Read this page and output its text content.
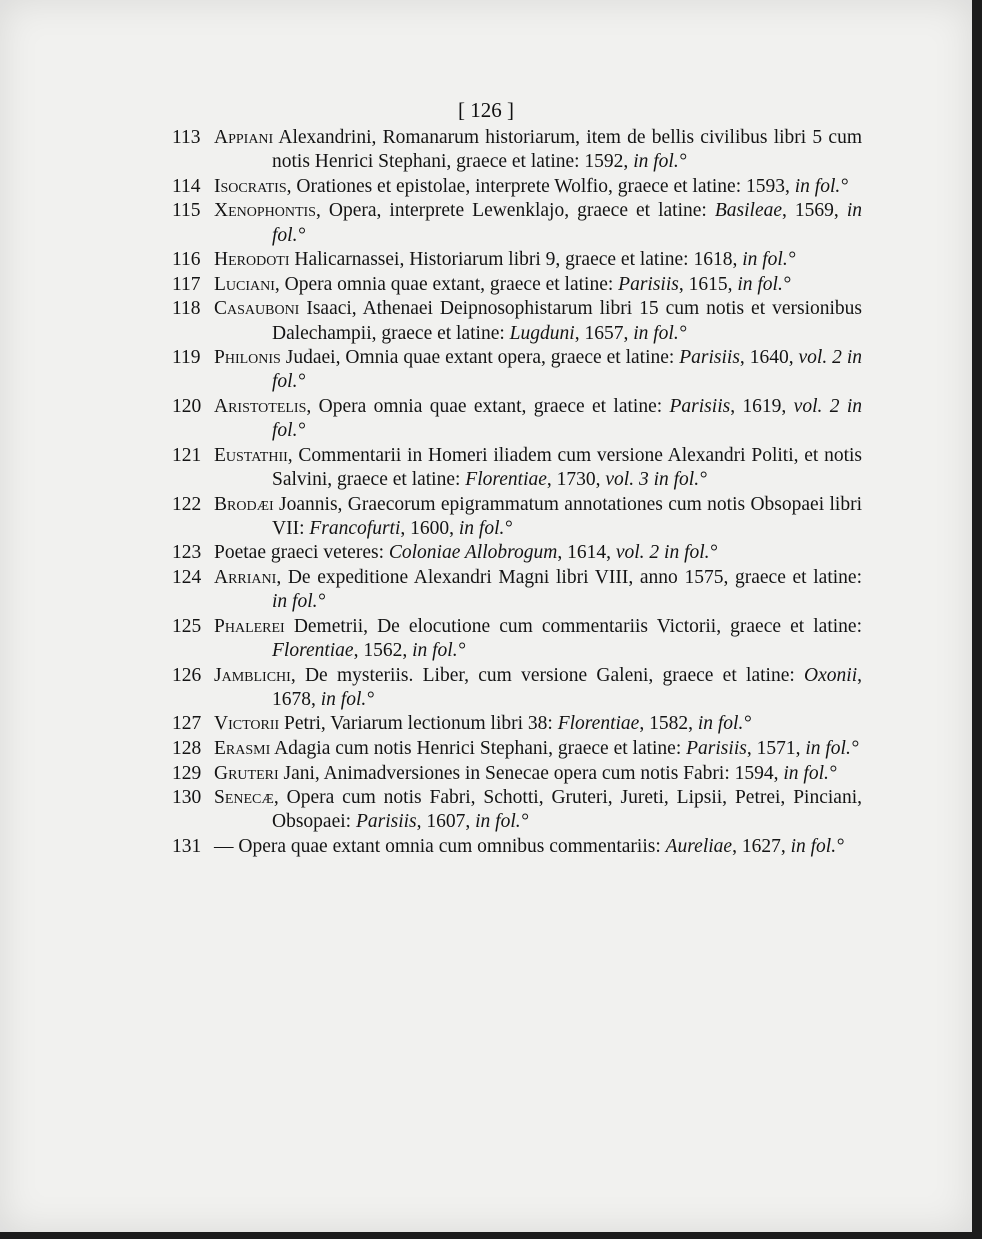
[ 126 ]
113 Appiani Alexandrini, Romanarum historiarum, item de bellis civilibus libri 5 cum notis Henrici Stephani, graece et latine: 1592, in fol.°
114 Isocratis, Orationes et epistolae, interprete Wolfio, graece et latine: 1593, in fol.°
115 Xenophontis, Opera, interprete Lewenklajo, graece et latine: Basileae, 1569, in fol.°
116 Herodoti Halicarnassei, Historiarum libri 9, graece et latine: 1618, in fol.°
117 Luciani, Opera omnia quae extant, graece et latine: Parisiis, 1615, in fol.°
118 Casauboni Isaaci, Athenaei Deipnosophistarum libri 15 cum notis et versionibus Dalechampii, graece et latine: Lugduni, 1657, in fol.°
119 Philonis Judaei, Omnia quae extant opera, graece et latine: Parisiis, 1640, vol. 2 in fol.°
120 Aristotelis, Opera omnia quae extant, graece et latine: Parisiis, 1619, vol. 2 in fol.°
121 Eustathii, Commentarii in Homeri iliadem cum versione Alexandri Politi, et notis Salvini, graece et latine: Florentiae, 1730, vol. 3 in fol.°
122 Brodæi Joannis, Graecorum epigrammatum annotationes cum notis Obsopaei libri VII: Francofurti, 1600, in fol.°
123 Poetae graeci veteres: Coloniae Allobrogum, 1614, vol. 2 in fol.°
124 Arriani, De expeditione Alexandri Magni libri VIII, anno 1575, graece et latine: in fol.°
125 Phalerei Demetrii, De elocutione cum commentariis Victorii, graece et latine: Florentiae, 1562, in fol.°
126 Jamblichi, De mysteriis. Liber, cum versione Galeni, graece et latine: Oxonii, 1678, in fol.°
127 Victorii Petri, Variarum lectionum libri 38: Florentiae, 1582, in fol.°
128 Erasmi Adagia cum notis Henrici Stephani, graece et latine: Parisiis, 1571, in fol.°
129 Gruteri Jani, Animadversiones in Senecae opera cum notis Fabri: 1594, in fol.°
130 Senecæ, Opera cum notis Fabri, Schotti, Gruteri, Jureti, Lipsii, Petrei, Pinciani, Obsopaei: Parisiis, 1607, in fol.°
131 — Opera quae extant omnia cum omnibus commentariis: Aureliae, 1627, in fol.°
